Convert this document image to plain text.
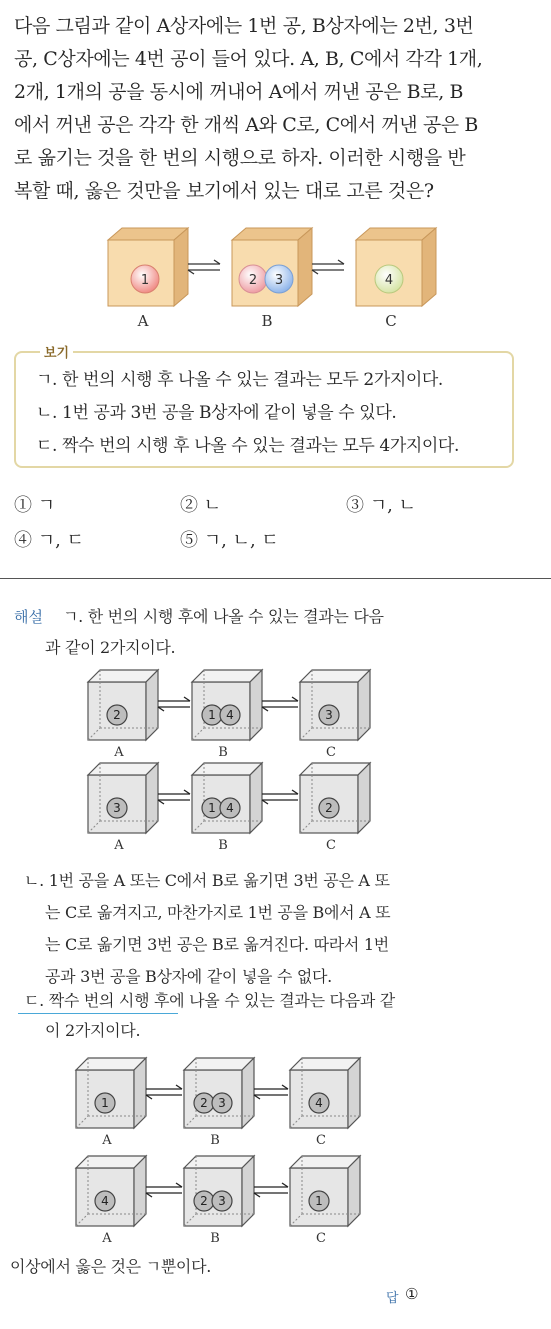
다음 그림과 같이 A상자에는 1번 공, B상자에는 2번, 3번
공, C상자에는 4번 공이 들어 있다. A, B, C에서 각각 1개,
2개, 1개의 공을 동시에 꺼내어 A에서 꺼낸 공은 B로, B
에서 꺼낸 공은 각각 한 개씩 A와 C로, C에서 꺼낸 공은 B
로 옮기는 것을 한 번의 시행으로 하자. 이러한 시행을 반
복할 때, 옳은 것만을 보기에서 있는 대로 고른 것은?
1	2 3	4
A	B	C
보기
ㄱ. 한 번의 시행 후 나올 수 있는 결과는 모두 2가지이다.
ㄴ. 1번 공과 3번 공을 B상자에 같이 넣을 수 있다.
ㄷ. 짝수 번의 시행 후 나올 수 있는 결과는 모두 4가지이다.
① ㄱ	② ㄴ	③ ㄱ, ㄴ
④ ㄱ, ㄷ	⑤ ㄱ, ㄴ, ㄷ
해설 ㄱ. 한 번의 시행 후에 나올 수 있는 결과는 다음
과 같이 2가지이다.
2
A
1 4
B
3
C
3
A
1 4
B
2
C
ㄴ. 1번 공을 A 또는 C에서 B로 옮기면 3번 공은 A 또
는 C로 옮겨지고, 마찬가지로 1번 공을 B에서 A 또
는 C로 옮기면 3번 공은 B로 옮겨진다. 따라서 1번
공과 3번 공을 B상자에 같이 넣을 수 없다.
ㄷ. 짝수 번의 시행 후에 나올 수 있는 결과는 다음과 같
이 2가지이다.
1
A
2 3
B
4
C
4
A
2 3
B
1
C
이상에서 옳은 것은 ㄱ뿐이다.
답 ①
